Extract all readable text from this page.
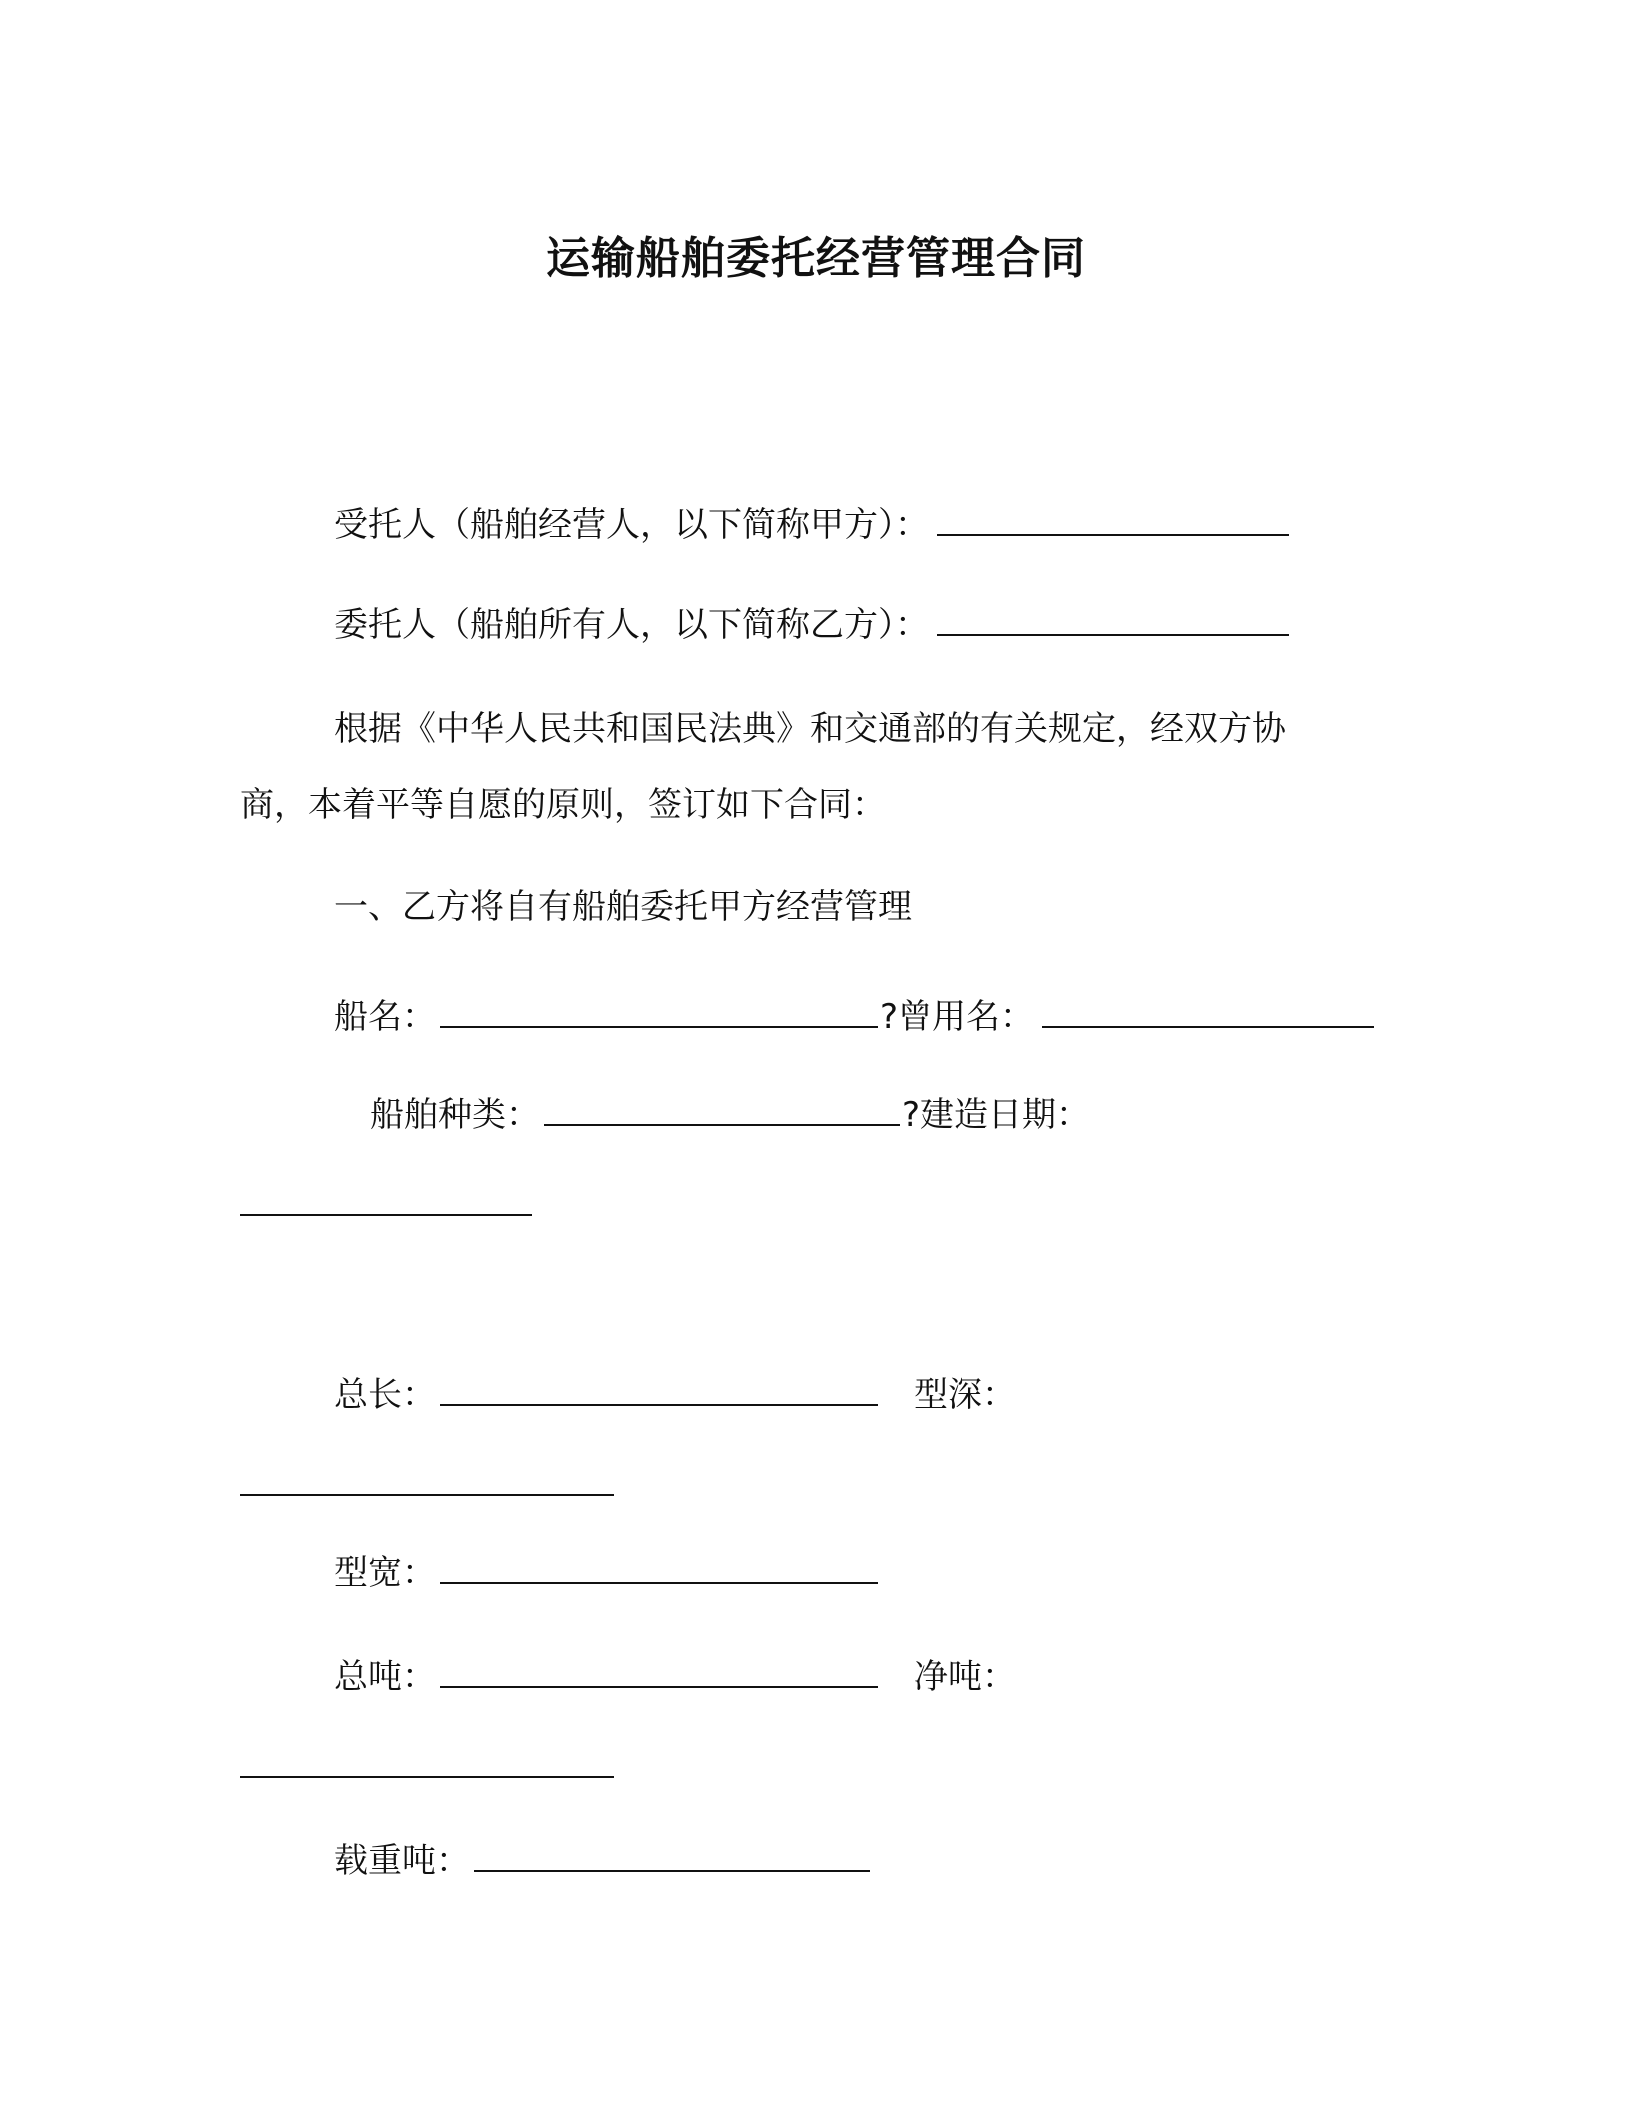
运输船舶委托经营管理合同
受托人（船舶经营人，以下简称甲方）：
委托人（船舶所有人，以下简称乙方）：
根据《中华人民共和国民法典》和交通部的有关规定，经双方协
商，本着平等自愿的原则，签订如下合同：
一、乙方将自有船舶委托甲方经营管理
船名：	?曾用名：
船舶种类：	?建造日期：
总长：	型深：
型宽：
总吨：	净吨：
载重吨：
